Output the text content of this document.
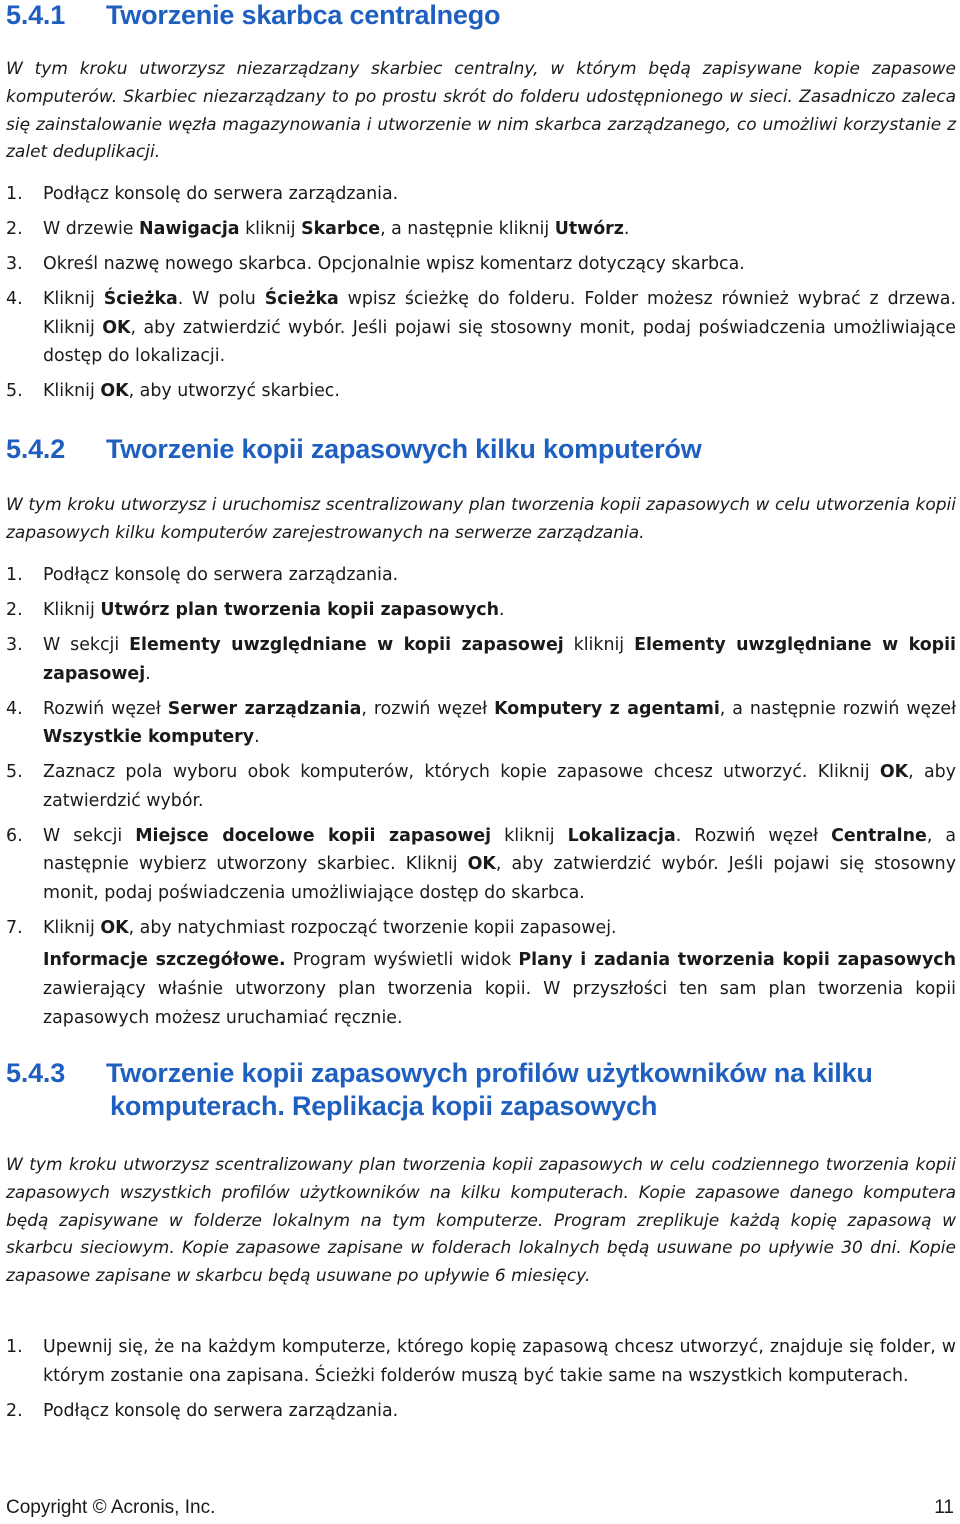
5.4.1 Tworzenie skarbca centralnego

W tym kroku utworzysz niezarządzany skarbiec centralny, w którym będą zapisywane kopie zapasowe komputerów. Skarbiec niezarządzany to po prostu skrót do folderu udostępnionego w sieci. Zasadniczo zaleca się zainstalowanie węzła magazynowania i utworzenie w nim skarbca zarządzanego, co umożliwi korzystanie z zalet deduplikacji.

1. Podłącz konsolę do serwera zarządzania.
2. W drzewie Nawigacja kliknij Skarbce, a następnie kliknij Utwórz.
3. Określ nazwę nowego skarbca. Opcjonalnie wpisz komentarz dotyczący skarbca.
4. Kliknij Ścieżka. W polu Ścieżka wpisz ścieżkę do folderu. Folder możesz również wybrać z drzewa. Kliknij OK, aby zatwierdzić wybór. Jeśli pojawi się stosowny monit, podaj poświadczenia umożliwiające dostęp do lokalizacji.
5. Kliknij OK, aby utworzyć skarbiec.
5.4.2 Tworzenie kopii zapasowych kilku komputerów

W tym kroku utworzysz i uruchomisz scentralizowany plan tworzenia kopii zapasowych w celu utworzenia kopii zapasowych kilku komputerów zarejestrowanych na serwerze zarządzania.

1. Podłącz konsolę do serwera zarządzania.
2. Kliknij Utwórz plan tworzenia kopii zapasowych.
3. W sekcji Elementy uwzględniane w kopii zapasowej kliknij Elementy uwzględniane w kopii zapasowej.
4. Rozwiń węzeł Serwer zarządzania, rozwiń węzeł Komputery z agentami, a następnie rozwiń węzeł Wszystkie komputery.
5. Zaznacz pola wyboru obok komputerów, których kopie zapasowe chcesz utworzyć. Kliknij OK, aby zatwierdzić wybór.
6. W sekcji Miejsce docelowe kopii zapasowej kliknij Lokalizacja. Rozwiń węzeł Centralne, a następnie wybierz utworzony skarbiec. Kliknij OK, aby zatwierdzić wybór. Jeśli pojawi się stosowny monit, podaj poświadczenia umożliwiające dostęp do skarbca.
7. Kliknij OK, aby natychmiast rozpocząć tworzenie kopii zapasowej.
Informacje szczegółowe. Program wyświetli widok Plany i zadania tworzenia kopii zapasowych zawierający właśnie utworzony plan tworzenia kopii. W przyszłości ten sam plan tworzenia kopii zapasowych możesz uruchamiać ręcznie.
5.4.3 Tworzenie kopii zapasowych profilów użytkowników na kilku
komputerach. Replikacja kopii zapasowych

W tym kroku utworzysz scentralizowany plan tworzenia kopii zapasowych w celu codziennego tworzenia kopii zapasowych wszystkich profilów użytkowników na kilku komputerach. Kopie zapasowe danego komputera będą zapisywane w folderze lokalnym na tym komputerze. Program zreplikuje każdą kopię zapasową w skarbcu sieciowym. Kopie zapasowe zapisane w folderach lokalnych będą usuwane po upływie 30 dni. Kopie zapasowe zapisane w skarbcu będą usuwane po upływie 6 miesięcy.

1. Upewnij się, że na każdym komputerze, którego kopię zapasową chcesz utworzyć, znajduje się folder, w którym zostanie ona zapisana. Ścieżki folderów muszą być takie same na wszystkich komputerach.
2. Podłącz konsolę do serwera zarządzania.
Copyright © Acronis, Inc.	11
